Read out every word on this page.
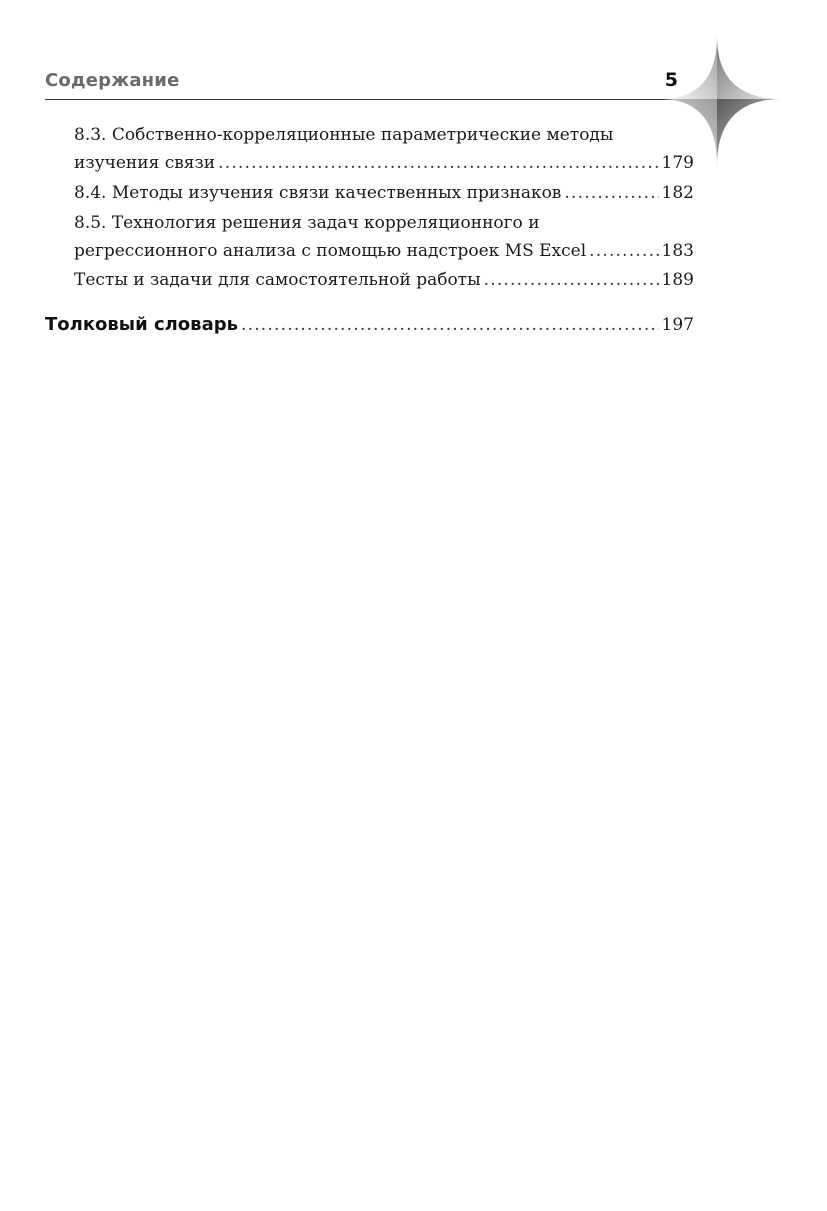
Содержание	5
8.3. Собственно-корреляционные параметрические методы
изучения связи .....	179
8.4. Методы изучения связи качественных признаков .....	182
8.5. Технология решения задач корреляционного и
регрессионного анализа с помощью надстроек MS Excel .....	183
Тесты и задачи для самостоятельной работы .....	189
Толковый словарь .....	197
